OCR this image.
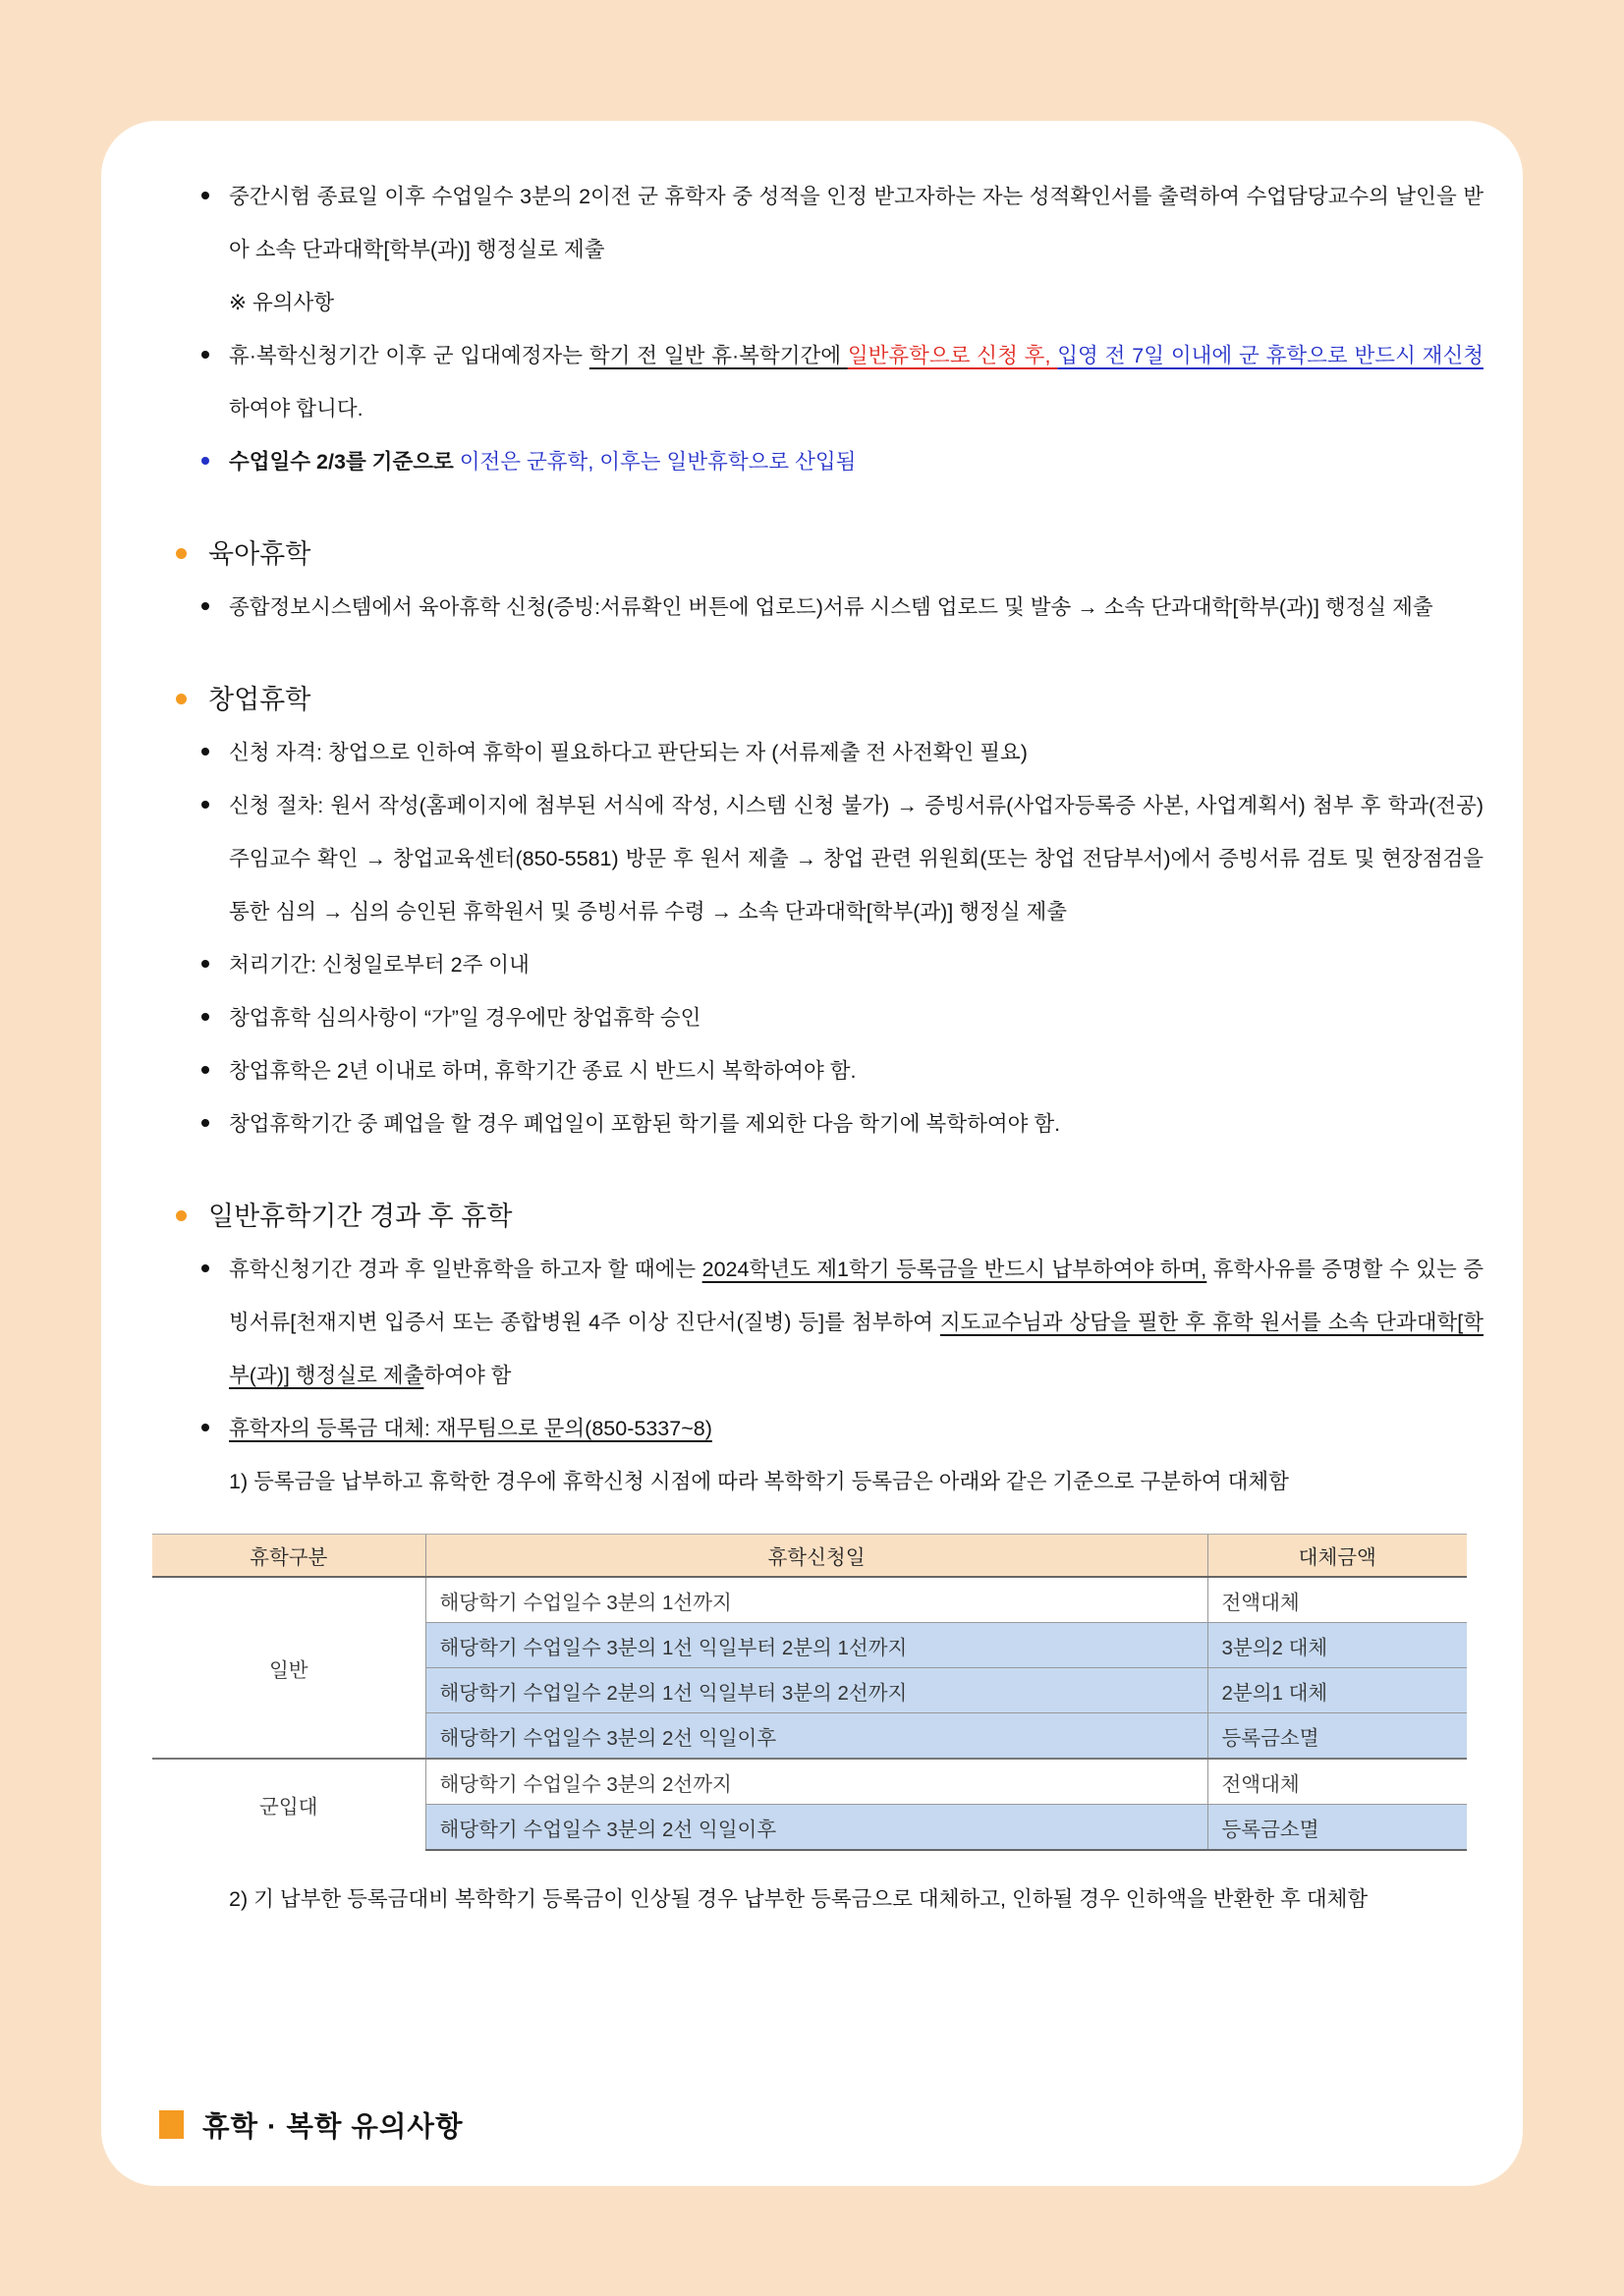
중간시험 종료일 이후 수업일수 3분의 2이전 군 휴학자 중 성적을 인정 받고자하는 자는 성적확인서를 출력하여 수업담당교수의 날인을 받아 소속 단과대학[학부(과)] 행정실로 제출

※ 유의사항

휴·복학신청기간 이후 군 입대예정자는 학기 전 일반 휴·복학기간에 일반휴학으로 신청 후, 입영 전 7일 이내에 군 휴학으로 반드시 재신청하여야 합니다.

수업일수 2/3를 기준으로 이전은 군휴학, 이후는 일반휴학으로 산입됨

육아휴학

종합정보시스템에서 육아휴학 신청(증빙:서류확인 버튼에 업로드)서류 시스템 업로드 및 발송 → 소속 단과대학[학부(과)] 행정실 제출

창업휴학

신청 자격: 창업으로 인하여 휴학이 필요하다고 판단되는 자 (서류제출 전 사전확인 필요)

신청 절차: 원서 작성(홈페이지에 첨부된 서식에 작성, 시스템 신청 불가) → 증빙서류(사업자등록증 사본, 사업계획서) 첨부 후 학과(전공)주임교수 확인 → 창업교육센터(850-5581) 방문 후 원서 제출 → 창업 관련 위원회(또는 창업 전담부서)에서 증빙서류 검토 및 현장점검을 통한 심의 → 심의 승인된 휴학원서 및 증빙서류 수령 → 소속 단과대학[학부(과)] 행정실 제출

처리기간: 신청일로부터 2주 이내

창업휴학 심의사항이 “가”일 경우에만 창업휴학 승인

창업휴학은 2년 이내로 하며, 휴학기간 종료 시 반드시 복학하여야 함.

창업휴학기간 중 폐업을 할 경우 폐업일이 포함된 학기를 제외한 다음 학기에 복학하여야 함.

일반휴학기간 경과 후 휴학

휴학신청기간 경과 후 일반휴학을 하고자 할 때에는 2024학년도 제1학기 등록금을 반드시 납부하여야 하며, 휴학사유를 증명할 수 있는 증빙서류[천재지변 입증서 또는 종합병원 4주 이상 진단서(질병) 등]를 첨부하여 지도교수님과 상담을 필한 후 휴학 원서를 소속 단과대학[학부(과)] 행정실로 제출하여야 함

휴학자의 등록금 대체: 재무팀으로 문의(850-5337~8)

1) 등록금을 납부하고 휴학한 경우에 휴학신청 시점에 따라 복학학기 등록금은 아래와 같은 기준으로 구분하여 대체함

휴학구분	휴학신청일	대체금액
일반	해당학기 수업일수 3분의 1선까지	전액대체
	해당학기 수업일수 3분의 1선 익일부터 2분의 1선까지	3분의2 대체
	해당학기 수업일수 2분의 1선 익일부터 3분의 2선까지	2분의1 대체
	해당학기 수업일수 3분의 2선 익일이후	등록금소멸
군입대	해당학기 수업일수 3분의 2선까지	전액대체
	해당학기 수업일수 3분의 2선 익일이후	등록금소멸

2) 기 납부한 등록금대비 복학학기 등록금이 인상될 경우 납부한 등록금으로 대체하고, 인하될 경우 인하액을 반환한 후 대체함

휴학 · 복학 유의사항
